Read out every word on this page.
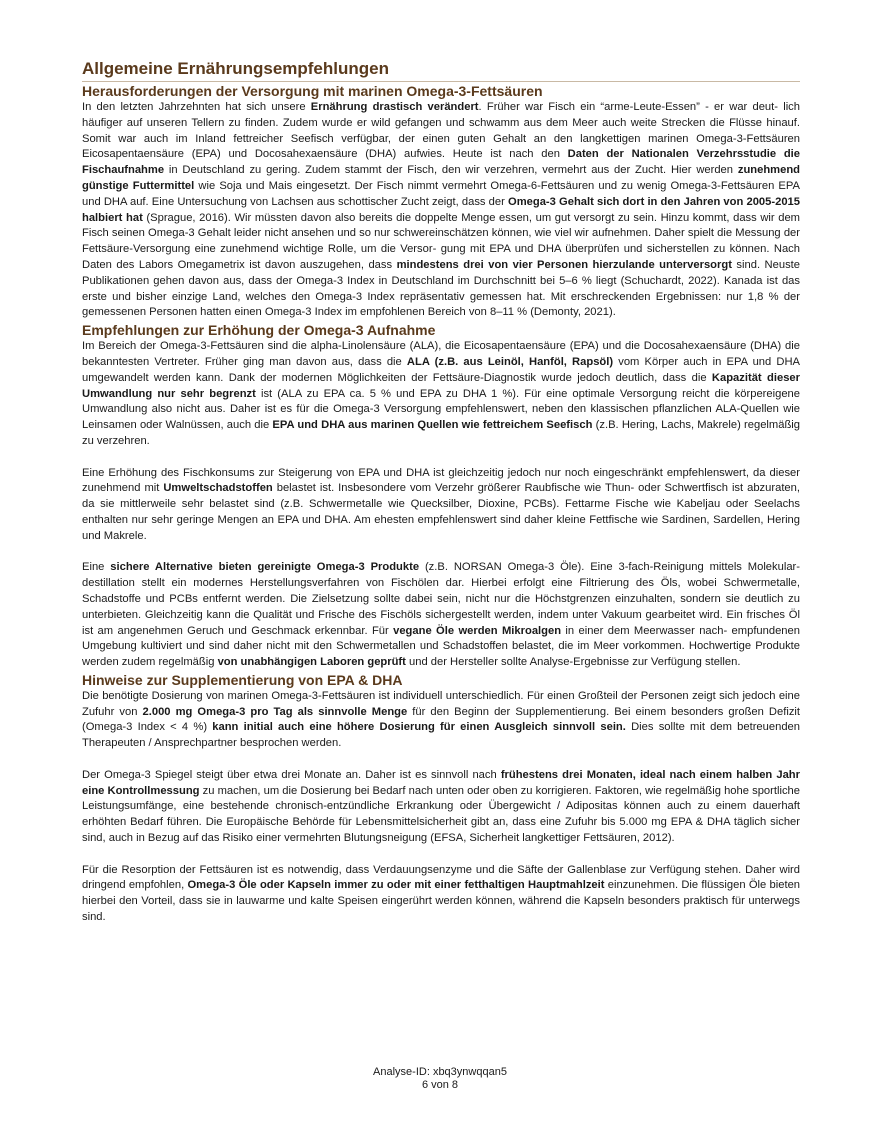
Allgemeine Ernährungsempfehlungen
Herausforderungen der Versorgung mit marinen Omega-3-Fettsäuren

In den letzten Jahrzehnten hat sich unsere Ernährung drastisch verändert. Früher war Fisch ein “arme-Leute-Essen” - er war deut- lich häufiger auf unseren Tellern zu finden. Zudem wurde er wild gefangen und schwamm aus dem Meer auch weite Strecken die Flüsse hinauf. Somit war auch im Inland fettreicher Seefisch verfügbar, der einen guten Gehalt an den langkettigen marinen Omega-3-Fettsäuren Eicosapentaensäure (EPA) und Docosahexaensäure (DHA) aufwies. Heute ist nach den Daten der Nationalen Verzehrsstudie die Fischaufnahme in Deutschland zu gering. Zudem stammt der Fisch, den wir verzehren, vermehrt aus der Zucht. Hier werden zunehmend günstige Futtermittel wie Soja und Mais eingesetzt. Der Fisch nimmt vermehrt Omega-6-Fettsäuren und zu wenig Omega-3-Fettsäuren EPA und DHA auf. Eine Untersuchung von Lachsen aus schottischer Zucht zeigt, dass der Omega-3 Gehalt sich dort in den Jahren von 2005-2015 halbiert hat (Sprague, 2016). Wir müssten davon also bereits die doppelte Menge essen, um gut versorgt zu sein. Hinzu kommt, dass wir dem Fisch seinen Omega-3 Gehalt leider nicht ansehen und so nur schwereinschätzen können, wie viel wir aufnehmen. Daher spielt die Messung der Fettsäure-Versorgung eine zunehmend wichtige Rolle, um die Versor- gung mit EPA und DHA überprüfen und sicherstellen zu können. Nach Daten des Labors Omegametrix ist davon auszugehen, dass mindestens drei von vier Personen hierzulande unterversorgt sind. Neuste Publikationen gehen davon aus, dass der Omega-3 Index in Deutschland im Durchschnitt bei 5–6 % liegt (Schuchardt, 2022). Kanada ist das erste und bisher einzige Land, welches den Omega-3 Index repräsentativ gemessen hat. Mit erschreckenden Ergebnissen: nur 1,8 % der gemessenen Personen hatten einen Omega-3 Index im empfohlenen Bereich von 8–11 % (Demonty, 2021).

Empfehlungen zur Erhöhung der Omega-3 Aufnahme

Im Bereich der Omega-3-Fettsäuren sind die alpha-Linolensäure (ALA), die Eicosapentaensäure (EPA) und die Docosahexaensäure (DHA) die bekanntesten Vertreter. Früher ging man davon aus, dass die ALA (z.B. aus Leinöl, Hanföl, Rapsöl) vom Körper auch in EPA und DHA umgewandelt werden kann. Dank der modernen Möglichkeiten der Fettsäure-Diagnostik wurde jedoch deutlich, dass die Kapazität dieser Umwandlung nur sehr begrenzt ist (ALA zu EPA ca. 5 % und EPA zu DHA 1 %). Für eine optimale Versorgung reicht die körpereigene Umwandlung also nicht aus. Daher ist es für die Omega-3 Versorgung empfehlenswert, neben den klassischen pflanzlichen ALA-Quellen wie Leinsamen oder Walnüssen, auch die EPA und DHA aus marinen Quellen wie fettreichem Seefisch (z.B. Hering, Lachs, Makrele) regelmäßig zu verzehren.

Eine Erhöhung des Fischkonsums zur Steigerung von EPA und DHA ist gleichzeitig jedoch nur noch eingeschränkt empfehlenswert, da dieser zunehmend mit Umweltschadstoffen belastet ist. Insbesondere vom Verzehr größerer Raubfische wie Thun- oder Schwertfisch ist abzuraten, da sie mittlerweile sehr belastet sind (z.B. Schwermetalle wie Quecksilber, Dioxine, PCBs). Fettarme Fische wie Kabeljau oder Seelachs enthalten nur sehr geringe Mengen an EPA und DHA. Am ehesten empfehlenswert sind daher kleine Fettfische wie Sardinen, Sardellen, Hering und Makrele.

Eine sichere Alternative bieten gereinigte Omega-3 Produkte (z.B. NORSAN Omega-3 Öle). Eine 3-fach-Reinigung mittels Molekular- destillation stellt ein modernes Herstellungsverfahren von Fischölen dar. Hierbei erfolgt eine Filtrierung des Öls, wobei Schwermetalle, Schadstoffe und PCBs entfernt werden. Die Zielsetzung sollte dabei sein, nicht nur die Höchstgrenzen einzuhalten, sondern sie deutlich zu unterbieten. Gleichzeitig kann die Qualität und Frische des Fischöls sichergestellt werden, indem unter Vakuum gearbeitet wird. Ein frisches Öl ist am angenehmen Geruch und Geschmack erkennbar. Für vegane Öle werden Mikroalgen in einer dem Meerwasser nach- empfundenen Umgebung kultiviert und sind daher nicht mit den Schwermetallen und Schadstoffen belastet, die im Meer vorkommen. Hochwertige Produkte werden zudem regelmäßig von unabhängigen Laboren geprüft und der Hersteller sollte Analyse-Ergebnisse zur Verfügung stellen.

Hinweise zur Supplementierung von EPA & DHA

Die benötigte Dosierung von marinen Omega-3-Fettsäuren ist individuell unterschiedlich. Für einen Großteil der Personen zeigt sich jedoch eine Zufuhr von 2.000 mg Omega-3 pro Tag als sinnvolle Menge für den Beginn der Supplementierung. Bei einem besonders großen Defizit (Omega-3 Index < 4 %) kann initial auch eine höhere Dosierung für einen Ausgleich sinnvoll sein. Dies sollte mit dem betreuenden Therapeuten / Ansprechpartner besprochen werden.

Der Omega-3 Spiegel steigt über etwa drei Monate an. Daher ist es sinnvoll nach frühestens drei Monaten, ideal nach einem halben Jahr eine Kontrollmessung zu machen, um die Dosierung bei Bedarf nach unten oder oben zu korrigieren. Faktoren, wie regelmäßig hohe sportliche Leistungsumfänge, eine bestehende chronisch-entzündliche Erkrankung oder Übergewicht / Adipositas können auch zu einem dauerhaft erhöhten Bedarf führen. Die Europäische Behörde für Lebensmittelsicherheit gibt an, dass eine Zufuhr bis 5.000 mg EPA & DHA täglich sicher sind, auch in Bezug auf das Risiko einer vermehrten Blutungsneigung (EFSA, Sicherheit langkettiger Fettsäuren, 2012).

Für die Resorption der Fettsäuren ist es notwendig, dass Verdauungsenzyme und die Säfte der Gallenblase zur Verfügung stehen. Daher wird dringend empfohlen, Omega-3 Öle oder Kapseln immer zu oder mit einer fetthaltigen Hauptmahlzeit einzunehmen. Die flüssigen Öle bieten hierbei den Vorteil, dass sie in lauwarme und kalte Speisen eingerührt werden können, während die Kapseln besonders praktisch für unterwegs sind.

Analyse-ID: xbq3ynwqqan5
6 von 8
